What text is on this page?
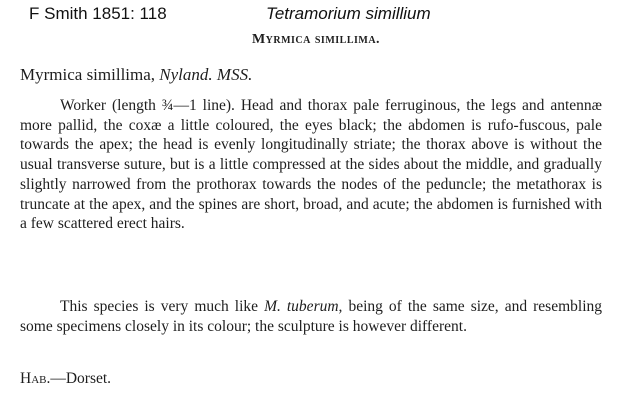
F Smith 1851: 118	Tetramorium simillium
Myrmica simillima.
Myrmica simillima, Nyland. MSS.

Worker (length ¾—1 line). Head and thorax pale ferruginous, the legs and antennæ more pallid, the coxæ a little coloured, the eyes black; the abdomen is rufo-fuscous, pale towards the apex; the head is evenly longitudinally striate; the thorax above is without the usual transverse suture, but is a little compressed at the sides about the middle, and gradually slightly narrowed from the prothorax towards the nodes of the peduncle; the metathorax is truncate at the apex, and the spines are short, broad, and acute; the abdomen is furnished with a few scattered erect hairs.

This species is very much like M. tuberum, being of the same size, and resembling some specimens closely in its colour; the sculpture is however different.

Hab.—Dorset.
